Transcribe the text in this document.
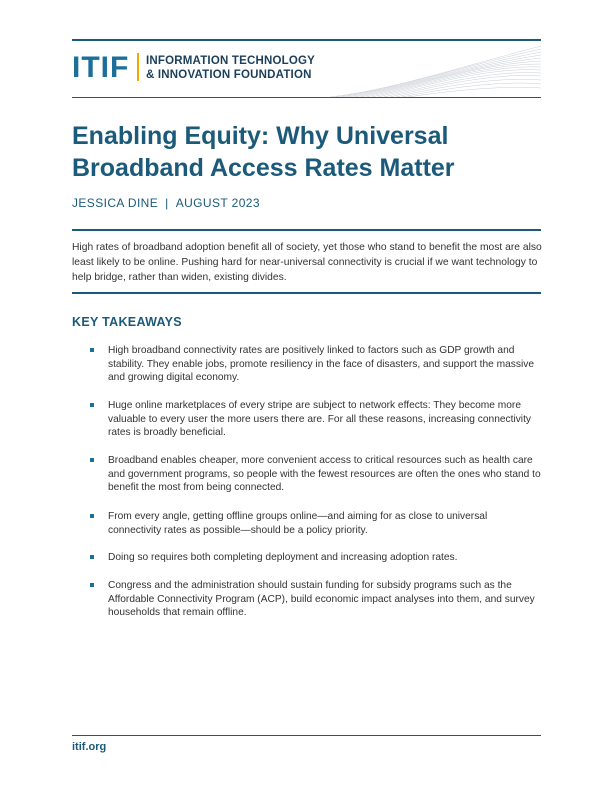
ITIF INFORMATION TECHNOLOGY
& INNOVATION FOUNDATION
Enabling Equity: Why Universal
Broadband Access Rates Matter
JESSICA DINE | AUGUST 2023

High rates of broadband adoption benefit all of society, yet those who stand to benefit the most are also least likely to be online. Pushing hard for near-universal connectivity is crucial if we want technology to help bridge, rather than widen, existing divides.

KEY TAKEAWAYS
High broadband connectivity rates are positively linked to factors such as GDP growth and stability. They enable jobs, promote resiliency in the face of disasters, and support the massive and growing digital economy.
Huge online marketplaces of every stripe are subject to network effects: They become more valuable to every user the more users there are. For all these reasons, increasing connectivity rates is broadly beneficial.
Broadband enables cheaper, more convenient access to critical resources such as health care and government programs, so people with the fewest resources are often the ones who stand to benefit the most from being connected.
From every angle, getting offline groups online—and aiming for as close to universal connectivity rates as possible—should be a policy priority.
Doing so requires both completing deployment and increasing adoption rates.
Congress and the administration should sustain funding for subsidy programs such as the Affordable Connectivity Program (ACP), build economic impact analyses into them, and survey households that remain offline.
itif.org
